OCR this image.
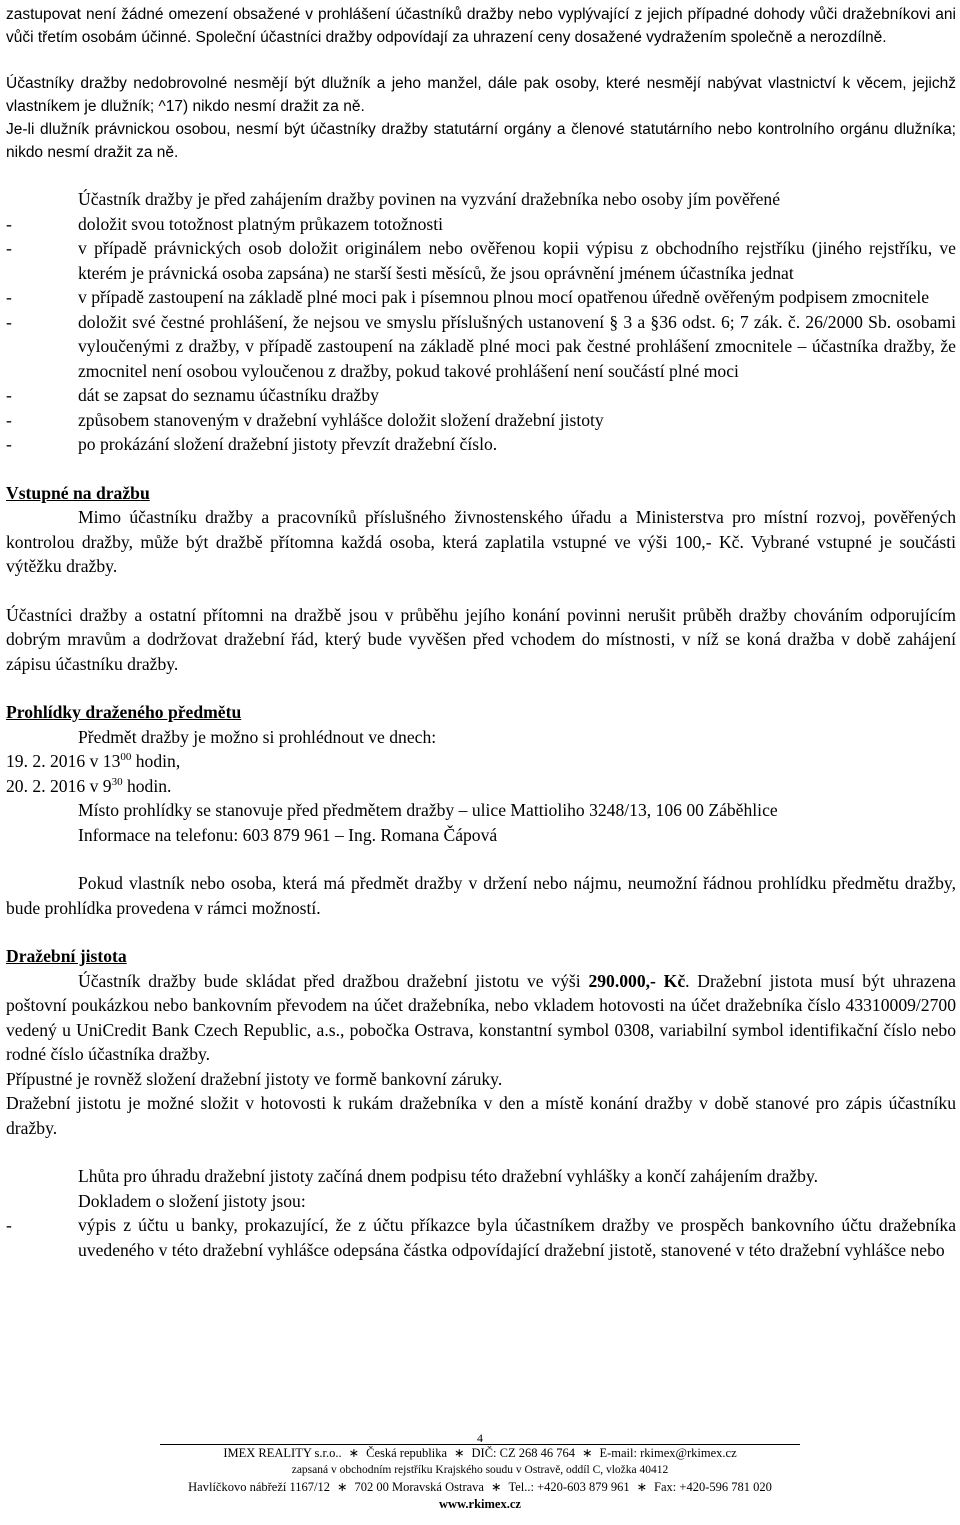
zastupovat není žádné omezení obsažené v prohlášení účastníků dražby nebo vyplývající z jejich případné dohody vůči dražebníkovi ani vůči třetím osobám účinné. Společní účastníci dražby odpovídají za uhrazení ceny dosažené vydražením společně a nerozdílně.

Účastníky dražby nedobrovolné nesmějí být dlužník a jeho manžel, dále pak osoby, které nesmějí nabývat vlastnictví k věcem, jejichž vlastníkem je dlužník; ^17) nikdo nesmí dražit za ně.

Je-li dlužník právnickou osobou, nesmí být účastníky dražby statutární orgány a členové statutárního nebo kontrolního orgánu dlužníka; nikdo nesmí dražit za ně.

Účastník dražby je před zahájením dražby povinen na vyzvání dražebníka nebo osoby jím pověřené

-	doložit svou totožnost platným průkazem totožnosti
-	v případě právnických osob doložit originálem nebo ověřenou kopii výpisu z obchodního rejstříku (jiného rejstříku, ve kterém je právnická osoba zapsána) ne starší šesti měsíců, že jsou oprávnění jménem účastníka jednat
-	v případě zastoupení na základě plné moci pak i písemnou plnou mocí opatřenou úředně ověřeným podpisem zmocnitele
-	doložit své čestné prohlášení, že nejsou ve smyslu příslušných ustanovení § 3 a §36 odst. 6; 7 zák. č. 26/2000 Sb. osobami vyloučenými z dražby, v případě zastoupení na základě plné moci pak čestné prohlášení zmocnitele – účastníka dražby, že zmocnitel není osobou vyloučenou z dražby, pokud takové prohlášení není součástí plné moci
-	dát se zapsat do seznamu účastníku dražby
-	způsobem stanoveným v dražební vyhlášce doložit složení dražební jistoty
-	po prokázání složení dražební jistoty převzít dražební číslo.

Vstupné na dražbu

Mimo účastníku dražby a pracovníků příslušného živnostenského úřadu a Ministerstva pro místní rozvoj, pověřených kontrolou dražby, může být dražbě přítomna každá osoba, která zaplatila vstupné ve výši 100,- Kč. Vybrané vstupné je součásti výtěžku dražby.

Účastníci dražby a ostatní přítomni na dražbě jsou v průběhu jejího konání povinni nerušit průběh dražby chováním odporujícím dobrým mravům a dodržovat dražební řád, který bude vyvěšen před vchodem do místnosti, v níž se koná dražba v době zahájení zápisu účastníku dražby.

Prohlídky draženého předmětu

Předmět dražby je možno si prohlédnout ve dnech:

19. 2. 2016 v $13^{00}$ hodin,

20. 2. 2016 v $9^{30}$ hodin.

Místo prohlídky se stanovuje před předmětem dražby – ulice Mattioliho 3248/13, 106 00 Záběhlice

Informace na telefonu: 603 879 961 – Ing. Romana Čápová

Pokud vlastník nebo osoba, která má předmět dražby v držení nebo nájmu, neumožní řádnou prohlídku předmětu dražby, bude prohlídka provedena v rámci možností.

Dražební jistota

Účastník dražby bude skládat před dražbou dražební jistotu ve výši 290.000,- Kč. Dražební jistota musí být uhrazena poštovní poukázkou nebo bankovním převodem na účet dražebníka, nebo vkladem hotovosti na účet dražebníka číslo 43310009/2700 vedený u UniCredit Bank Czech Republic, a.s., pobočka Ostrava, konstantní symbol 0308, variabilní symbol identifikační číslo nebo rodné číslo účastníka dražby.

Přípustné je rovněž složení dražební jistoty ve formě bankovní záruky.

Dražební jistotu je možné složit v hotovosti k rukám dražebníka v den a místě konání dražby v době stanové pro zápis účastníku dražby.

Lhůta pro úhradu dražební jistoty začíná dnem podpisu této dražební vyhlášky a končí zahájením dražby.

Dokladem o složení jistoty jsou:

-	výpis z účtu u banky, prokazující, že z účtu příkazce byla účastníkem dražby ve prospěch bankovního účtu dražebníka uvedeného v této dražební vyhlášce odepsána částka odpovídající dražební jistotě, stanovené v této dražební vyhlášce nebo
4
IMEX REALITY s.r.o.. ∗ Česká republika ∗ DIČ: CZ 268 46 764 ∗ E-mail: rkimex@rkimex.cz
zapsaná v obchodním rejstříku Krajského soudu v Ostravě, oddíl C, vložka 40412
Havlíčkovo nábřeží 1167/12 ∗ 702 00 Moravská Ostrava ∗ Tel..: +420-603 879 961 ∗ Fax: +420-596 781 020
www.rkimex.cz
